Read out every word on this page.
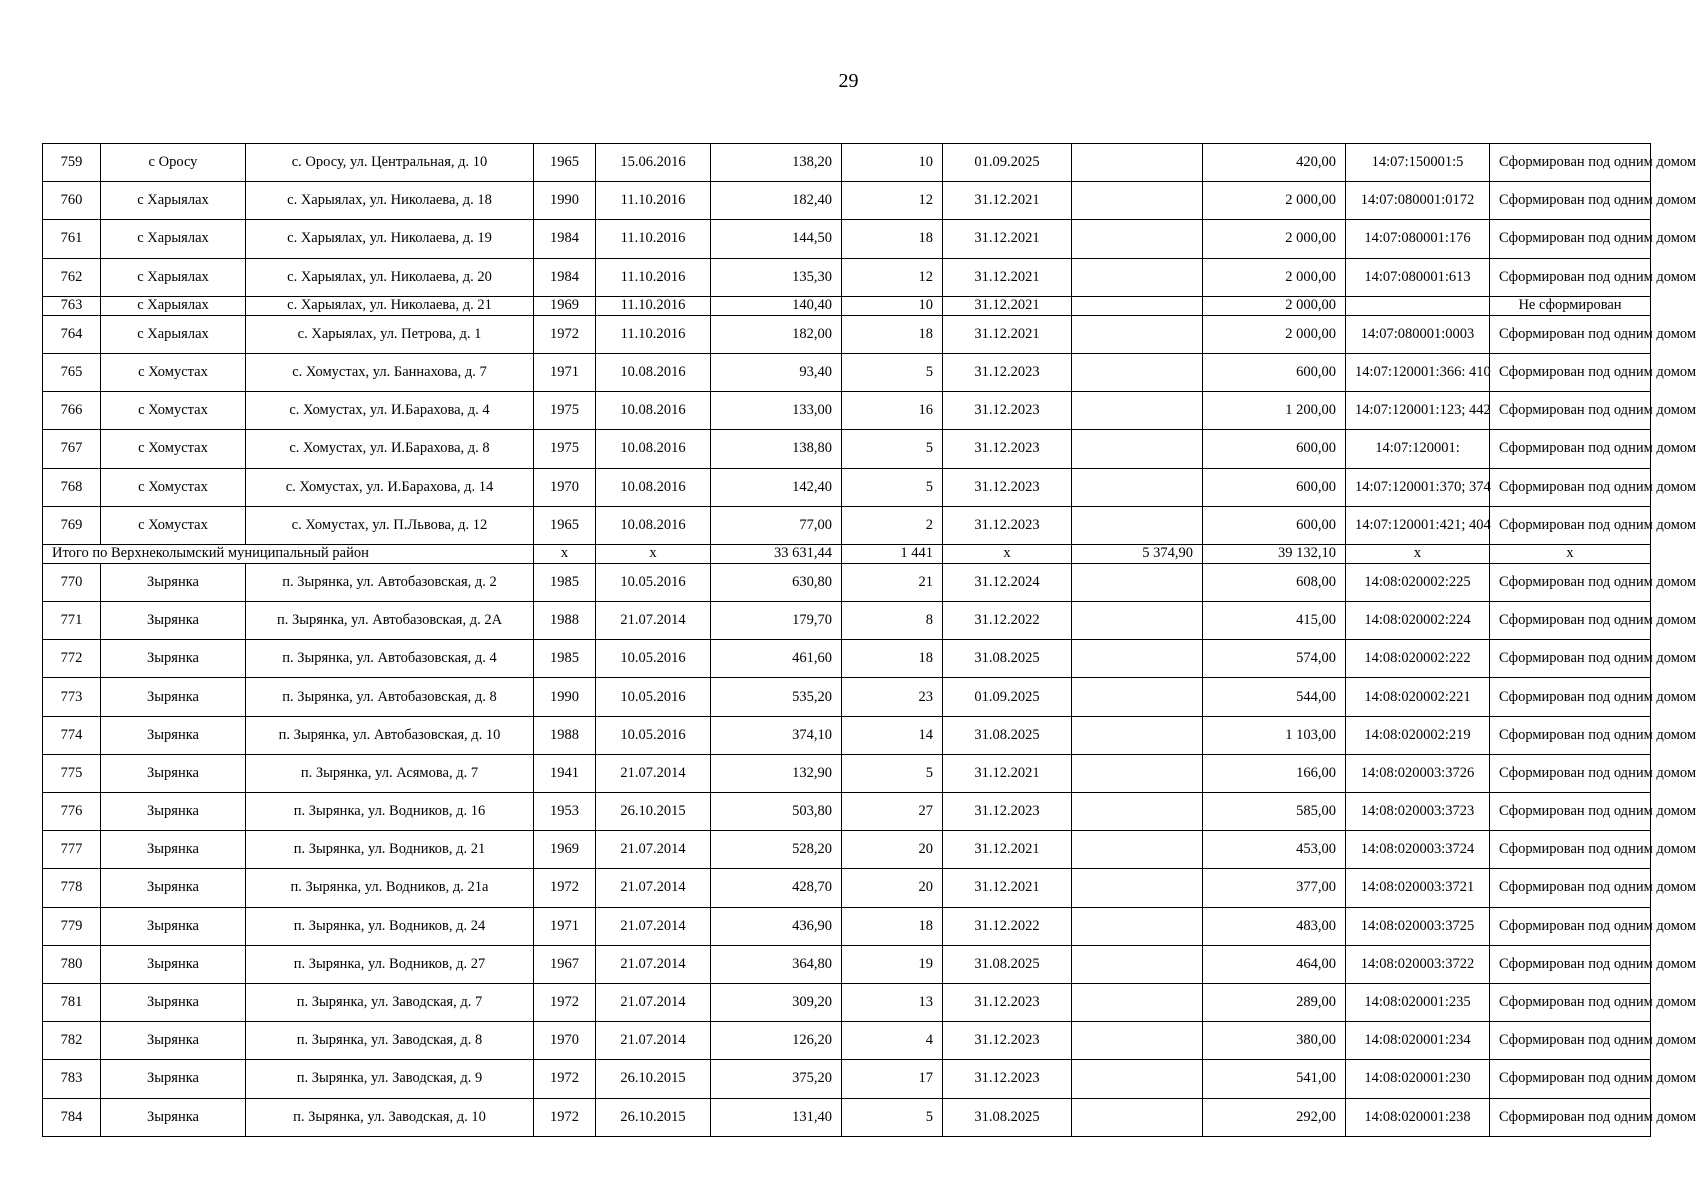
29
759	с Оросу	с. Оросу, ул. Центральная, д. 10	1965	15.06.2016	138,20	10	01.09.2025		420,00	14:07:150001:5	Сформирован под одним домом
760	с Харыялах	с. Харыялах, ул. Николаева, д. 18	1990	11.10.2016	182,40	12	31.12.2021		2 000,00	14:07:080001:0172	Сформирован под одним домом
761	с Харыялах	с. Харыялах, ул. Николаева, д. 19	1984	11.10.2016	144,50	18	31.12.2021		2 000,00	14:07:080001:176	Сформирован под одним домом
762	с Харыялах	с. Харыялах, ул. Николаева, д. 20	1984	11.10.2016	135,30	12	31.12.2021		2 000,00	14:07:080001:613	Сформирован под одним домом
763	с Харыялах	с. Харыялах, ул. Николаева, д. 21	1969	11.10.2016	140,40	10	31.12.2021		2 000,00		Не сформирован
764	с Харыялах	с. Харыялах, ул. Петрова, д. 1	1972	11.10.2016	182,00	18	31.12.2021		2 000,00	14:07:080001:0003	Сформирован под одним домом
765	с Хомустах	с. Хомустах, ул. Баннахова, д. 7	1971	10.08.2016	93,40	5	31.12.2023		600,00	14:07:120001:366: 410	Сформирован под одним домом
766	с Хомустах	с. Хомустах, ул. И.Барахова, д. 4	1975	10.08.2016	133,00	16	31.12.2023		1 200,00	14:07:120001:123; 442	Сформирован под одним домом
767	с Хомустах	с. Хомустах, ул. И.Барахова, д. 8	1975	10.08.2016	138,80	5	31.12.2023		600,00	14:07:120001:	Сформирован под одним домом
768	с Хомустах	с. Хомустах, ул. И.Барахова, д. 14	1970	10.08.2016	142,40	5	31.12.2023		600,00	14:07:120001:370; 374	Сформирован под одним домом
769	с Хомустах	с. Хомустах, ул. П.Львова, д. 12	1965	10.08.2016	77,00	2	31.12.2023		600,00	14:07:120001:421; 404	Сформирован под одним домом
Итого по Верхнеколымский муниципальный район			х	х	33 631,44	1 441	х	5 374,90	39 132,10	х	х
770	Зырянка	п. Зырянка, ул. Автобазовская, д. 2	1985	10.05.2016	630,80	21	31.12.2024		608,00	14:08:020002:225	Сформирован под одним домом
771	Зырянка	п. Зырянка, ул. Автобазовская, д. 2А	1988	21.07.2014	179,70	8	31.12.2022		415,00	14:08:020002:224	Сформирован под одним домом
772	Зырянка	п. Зырянка, ул. Автобазовская, д. 4	1985	10.05.2016	461,60	18	31.08.2025		574,00	14:08:020002:222	Сформирован под одним домом
773	Зырянка	п. Зырянка, ул. Автобазовская, д. 8	1990	10.05.2016	535,20	23	01.09.2025		544,00	14:08:020002:221	Сформирован под одним домом
774	Зырянка	п. Зырянка, ул. Автобазовская, д. 10	1988	10.05.2016	374,10	14	31.08.2025		1 103,00	14:08:020002:219	Сформирован под одним домом
775	Зырянка	п. Зырянка, ул. Асямова, д. 7	1941	21.07.2014	132,90	5	31.12.2021		166,00	14:08:020003:3726	Сформирован под одним домом
776	Зырянка	п. Зырянка, ул. Водников, д. 16	1953	26.10.2015	503,80	27	31.12.2023		585,00	14:08:020003:3723	Сформирован под одним домом
777	Зырянка	п. Зырянка, ул. Водников, д. 21	1969	21.07.2014	528,20	20	31.12.2021		453,00	14:08:020003:3724	Сформирован под одним домом
778	Зырянка	п. Зырянка, ул. Водников, д. 21а	1972	21.07.2014	428,70	20	31.12.2021		377,00	14:08:020003:3721	Сформирован под одним домом
779	Зырянка	п. Зырянка, ул. Водников, д. 24	1971	21.07.2014	436,90	18	31.12.2022		483,00	14:08:020003:3725	Сформирован под одним домом
780	Зырянка	п. Зырянка, ул. Водников, д. 27	1967	21.07.2014	364,80	19	31.08.2025		464,00	14:08:020003:3722	Сформирован под одним домом
781	Зырянка	п. Зырянка, ул. Заводская, д. 7	1972	21.07.2014	309,20	13	31.12.2023		289,00	14:08:020001:235	Сформирован под одним домом
782	Зырянка	п. Зырянка, ул. Заводская, д. 8	1970	21.07.2014	126,20	4	31.12.2023		380,00	14:08:020001:234	Сформирован под одним домом
783	Зырянка	п. Зырянка, ул. Заводская, д. 9	1972	26.10.2015	375,20	17	31.12.2023		541,00	14:08:020001:230	Сформирован под одним домом
784	Зырянка	п. Зырянка, ул. Заводская, д. 10	1972	26.10.2015	131,40	5	31.08.2025		292,00	14:08:020001:238	Сформирован под одним домом
